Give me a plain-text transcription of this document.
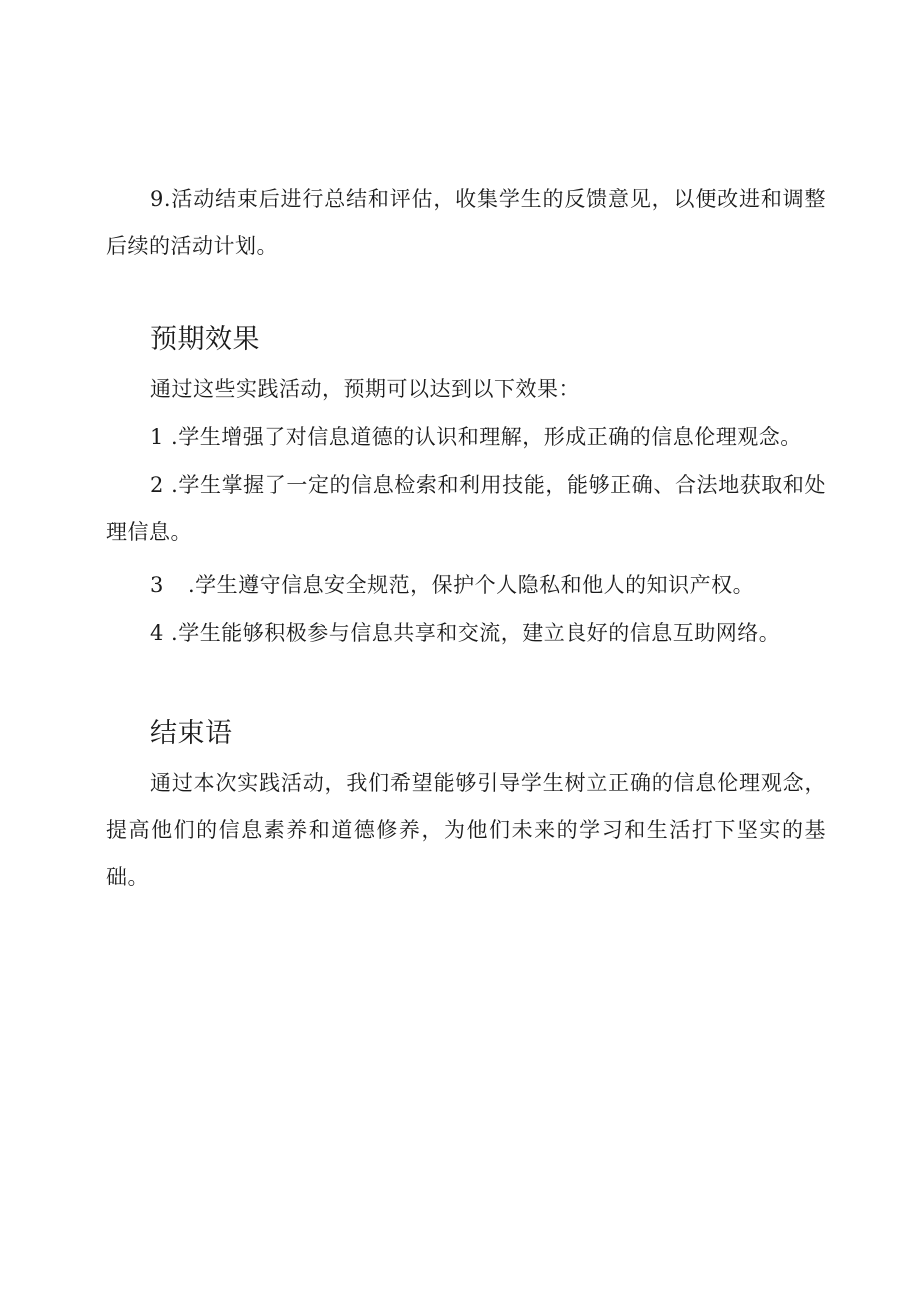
9.活动结束后进行总结和评估，收集学生的反馈意见，以便改进和调整后续的活动计划。

预期效果

通过这些实践活动，预期可以达到以下效果：

1 .学生增强了对信息道德的认识和理解，形成正确的信息伦理观念。

2 .学生掌握了一定的信息检索和利用技能，能够正确、合法地获取和处理信息。

3 .学生遵守信息安全规范，保护个人隐私和他人的知识产权。

4 .学生能够积极参与信息共享和交流，建立良好的信息互助网络。

结束语

通过本次实践活动，我们希望能够引导学生树立正确的信息伦理观念，提高他们的信息素养和道德修养，为他们未来的学习和生活打下坚实的基础。
